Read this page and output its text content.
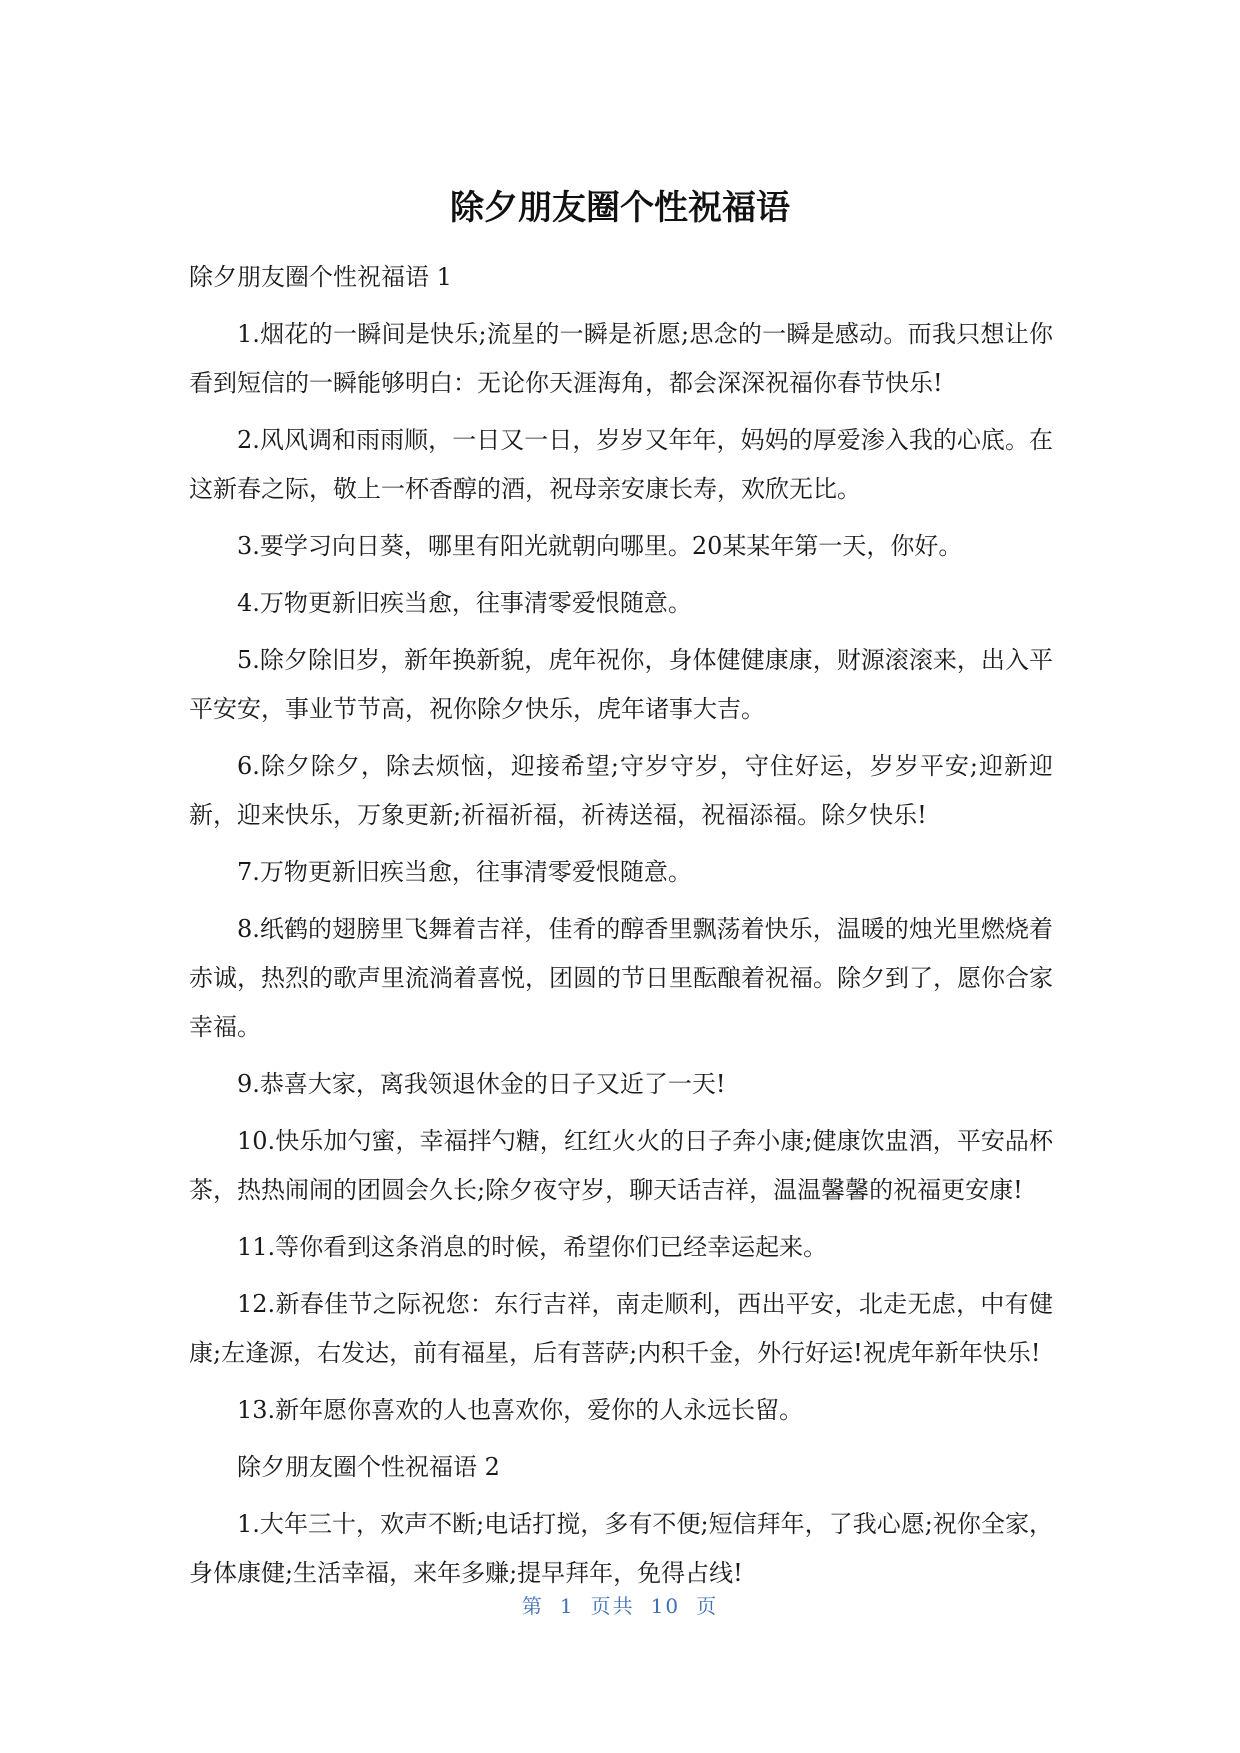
除夕朋友圈个性祝福语

除夕朋友圈个性祝福语 1

1.烟花的一瞬间是快乐;流星的一瞬是祈愿;思念的一瞬是感动。而我只想让你看到短信的一瞬能够明白：无论你天涯海角，都会深深祝福你春节快乐!

2.风风调和雨雨顺，一日又一日，岁岁又年年，妈妈的厚爱渗入我的心底。在这新春之际，敬上一杯香醇的酒，祝母亲安康长寿，欢欣无比。

3.要学习向日葵，哪里有阳光就朝向哪里。20某某年第一天，你好。

4.万物更新旧疾当愈，往事清零爱恨随意。

5.除夕除旧岁，新年换新貌，虎年祝你，身体健健康康，财源滚滚来，出入平平安安，事业节节高，祝你除夕快乐，虎年诸事大吉。

6.除夕除夕，除去烦恼，迎接希望;守岁守岁，守住好运，岁岁平安;迎新迎新，迎来快乐，万象更新;祈福祈福，祈祷送福，祝福添福。除夕快乐!

7.万物更新旧疾当愈，往事清零爱恨随意。

8.纸鹤的翅膀里飞舞着吉祥，佳肴的醇香里飘荡着快乐，温暖的烛光里燃烧着赤诚，热烈的歌声里流淌着喜悦，团圆的节日里酝酿着祝福。除夕到了，愿你合家幸福。

9.恭喜大家，离我领退休金的日子又近了一天!

10.快乐加勺蜜，幸福拌勺糖，红红火火的日子奔小康;健康饮盅酒，平安品杯茶，热热闹闹的团圆会久长;除夕夜守岁，聊天话吉祥，温温馨馨的祝福更安康!

11.等你看到这条消息的时候，希望你们已经幸运起来。

12.新春佳节之际祝您：东行吉祥，南走顺利，西出平安，北走无虑，中有健康;左逢源，右发达，前有福星，后有菩萨;内积千金，外行好运!祝虎年新年快乐!

13.新年愿你喜欢的人也喜欢你，爱你的人永远长留。

除夕朋友圈个性祝福语 2

1.大年三十，欢声不断;电话打搅，多有不便;短信拜年，了我心愿;祝你全家，身体康健;生活幸福，来年多赚;提早拜年，免得占线!

第 1 页共 10 页
